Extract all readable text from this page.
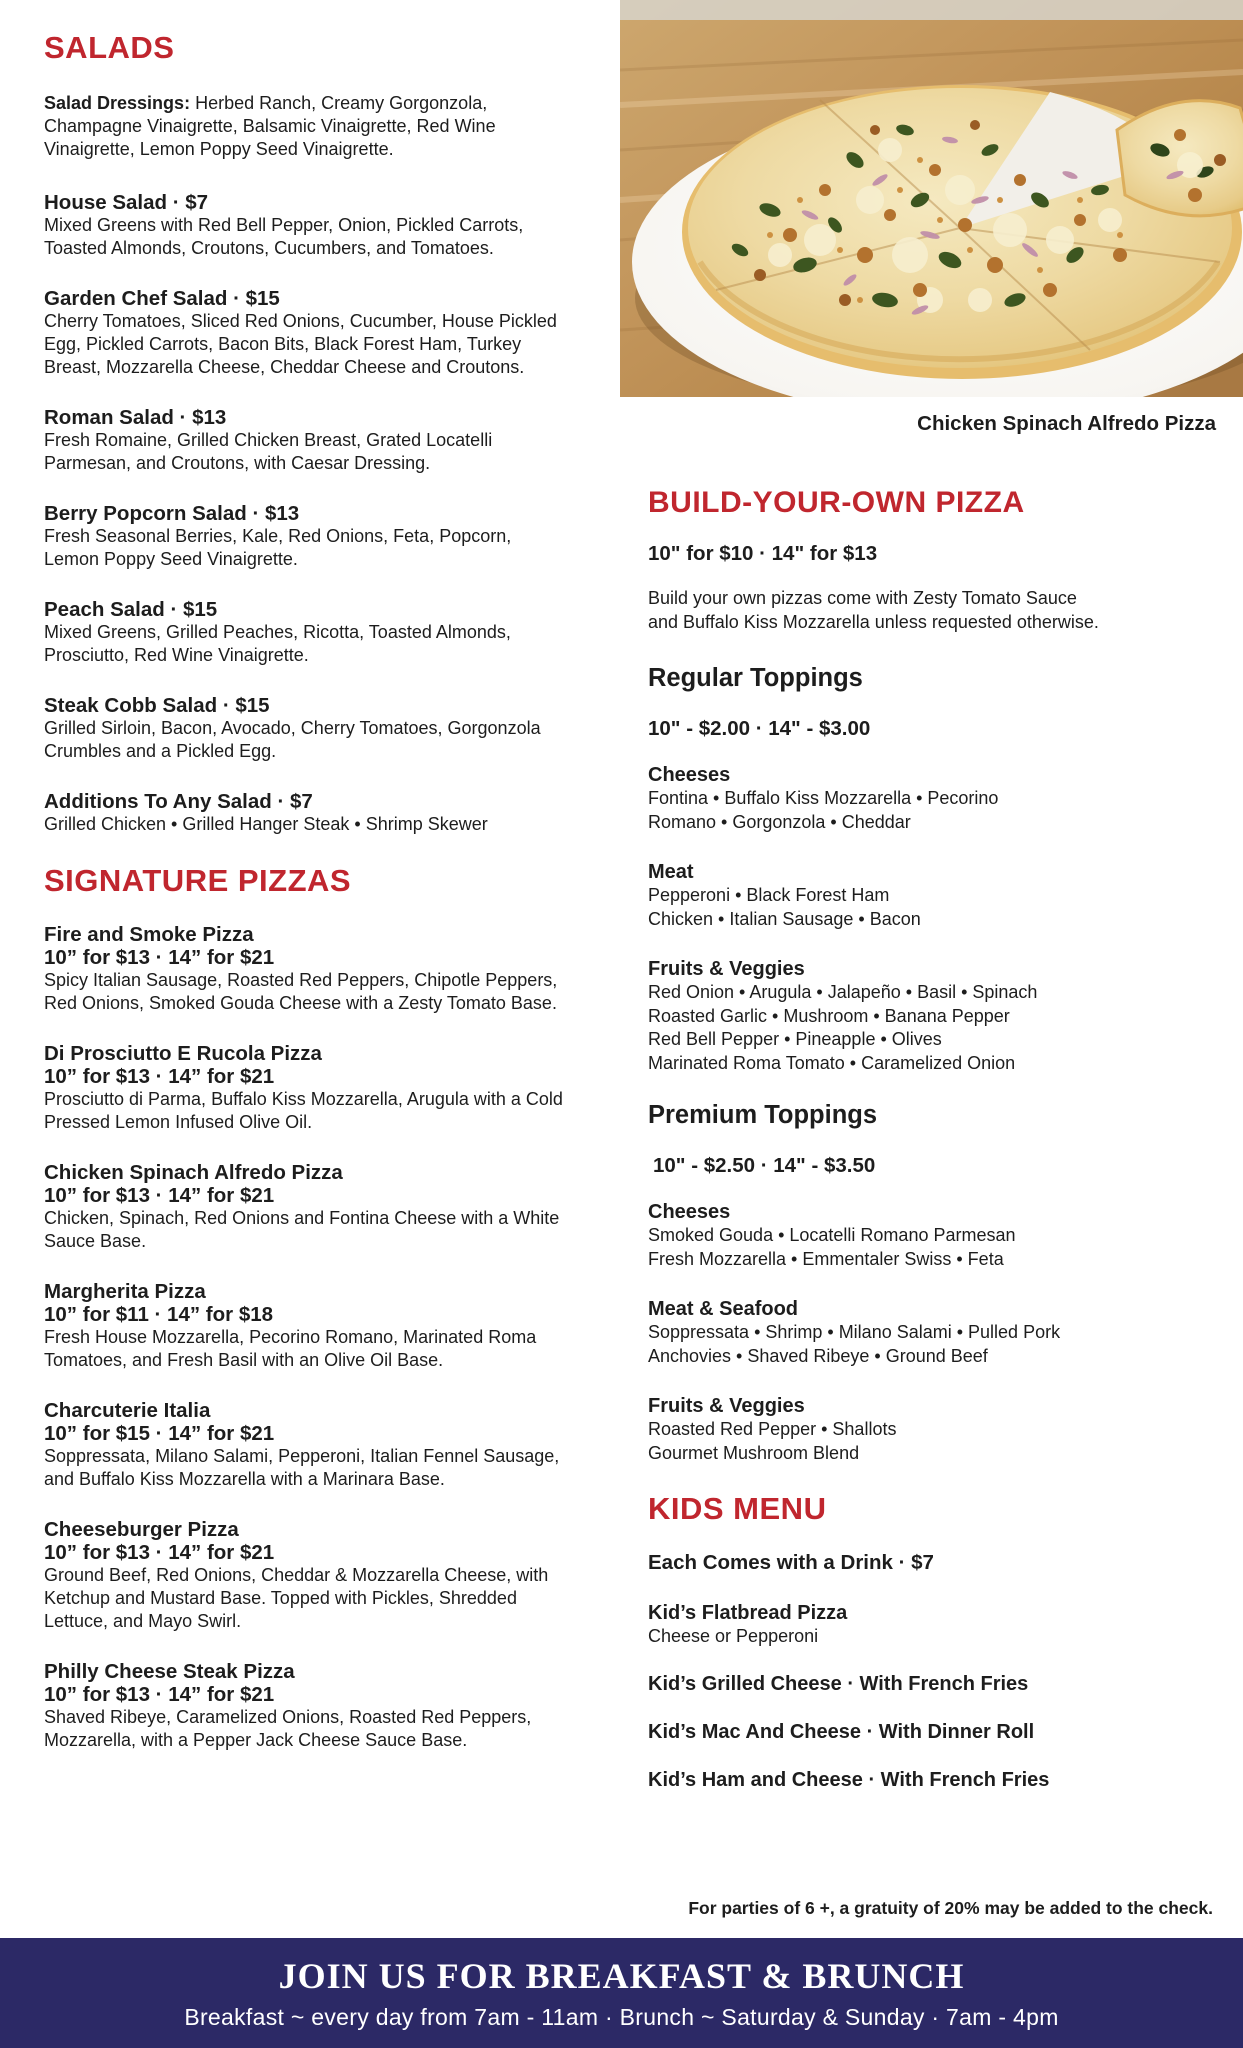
SALADS

Salad Dressings: Herbed Ranch, Creamy Gorgonzola, Champagne Vinaigrette, Balsamic Vinaigrette, Red Wine Vinaigrette, Lemon Poppy Seed Vinaigrette.

House Salad · $7

Mixed Greens with Red Bell Pepper, Onion, Pickled Carrots, Toasted Almonds, Croutons, Cucumbers, and Tomatoes.

Garden Chef Salad · $15

Cherry Tomatoes, Sliced Red Onions, Cucumber, House Pickled Egg, Pickled Carrots, Bacon Bits, Black Forest Ham, Turkey Breast, Mozzarella Cheese, Cheddar Cheese and Croutons.

Roman Salad · $13

Fresh Romaine, Grilled Chicken Breast, Grated Locatelli Parmesan, and Croutons, with Caesar Dressing.

Berry Popcorn Salad · $13

Fresh Seasonal Berries, Kale, Red Onions, Feta, Popcorn, Lemon Poppy Seed Vinaigrette.

Peach Salad · $15

Mixed Greens, Grilled Peaches, Ricotta, Toasted Almonds, Prosciutto, Red Wine Vinaigrette.

Steak Cobb Salad · $15

Grilled Sirloin, Bacon, Avocado, Cherry Tomatoes, Gorgonzola Crumbles and a Pickled Egg.

Additions To Any Salad · $7

Grilled Chicken • Grilled Hanger Steak • Shrimp Skewer

SIGNATURE PIZZAS
Fire and Smoke Pizza
10” for $13 · 14” for $21

Spicy Italian Sausage, Roasted Red Peppers, Chipotle Peppers, Red Onions, Smoked Gouda Cheese with a Zesty Tomato Base.

Di Prosciutto E Rucola Pizza
10” for $13 · 14” for $21

Prosciutto di Parma, Buffalo Kiss Mozzarella, Arugula with a Cold Pressed Lemon Infused Olive Oil.

Chicken Spinach Alfredo Pizza
10” for $13 · 14” for $21

Chicken, Spinach, Red Onions and Fontina Cheese with a White Sauce Base.

Margherita Pizza
10” for $11 · 14” for $18

Fresh House Mozzarella, Pecorino Romano, Marinated Roma Tomatoes, and Fresh Basil with an Olive Oil Base.

Charcuterie Italia
10” for $15 · 14” for $21

Soppressata, Milano Salami, Pepperoni, Italian Fennel Sausage, and Buffalo Kiss Mozzarella with a Marinara Base.

Cheeseburger Pizza
10” for $13 · 14” for $21

Ground Beef, Red Onions, Cheddar & Mozzarella Cheese, with Ketchup and Mustard Base. Topped with Pickles, Shredded Lettuce, and Mayo Swirl.

Philly Cheese Steak Pizza
10” for $13 · 14” for $21

Shaved Ribeye, Caramelized Onions, Roasted Red Peppers, Mozzarella, with a Pepper Jack Cheese Sauce Base.

Chicken Spinach Alfredo Pizza
BUILD-YOUR-OWN PIZZA
10" for $10 · 14" for $13
Build your own pizzas come with Zesty Tomato Sauce
and Buffalo Kiss Mozzarella unless requested otherwise.
Regular Toppings
10" - $2.00 · 14" - $3.00
Cheeses
Fontina • Buffalo Kiss Mozzarella • Pecorino
Romano • Gorgonzola • Cheddar
Meat
Pepperoni • Black Forest Ham
Chicken • Italian Sausage • Bacon
Fruits & Veggies
Red Onion • Arugula • Jalapeño • Basil • Spinach
Roasted Garlic • Mushroom • Banana Pepper
Red Bell Pepper • Pineapple • Olives
Marinated Roma Tomato • Caramelized Onion
Premium Toppings
10" - $2.50 · 14" - $3.50
Cheeses
Smoked Gouda • Locatelli Romano Parmesan
Fresh Mozzarella • Emmentaler Swiss • Feta
Meat & Seafood
Soppressata • Shrimp • Milano Salami • Pulled Pork
Anchovies • Shaved Ribeye • Ground Beef
Fruits & Veggies
Roasted Red Pepper • Shallots
Gourmet Mushroom Blend
KIDS MENU
Each Comes with a Drink · $7
Kid’s Flatbread Pizza

Cheese or Pepperoni

Kid’s Grilled Cheese · With French Fries
Kid’s Mac And Cheese · With Dinner Roll
Kid’s Ham and Cheese · With French Fries
For parties of 6 +, a gratuity of 20% may be added to the check.
JOIN US FOR BREAKFAST & BRUNCH
Breakfast ~ every day from 7am - 11am · Brunch ~ Saturday & Sunday · 7am - 4pm
